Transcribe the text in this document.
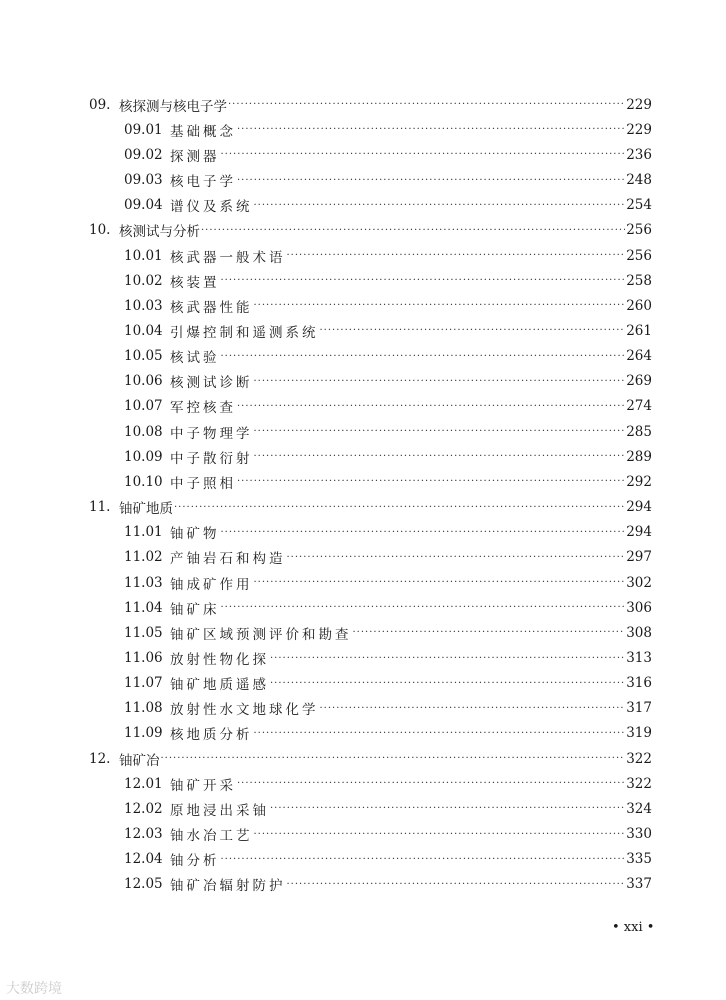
09. 核探测与核电子学 ·····	229
09.01 基础概念 ·····	229
09.02 探测器 ·····	236
09.03 核电子学 ·····	248
09.04 谱仪及系统 ·····	254
10. 核测试与分析 ·····	256
10.01 核武器一般术语 ·····	256
10.02 核装置 ·····	258
10.03 核武器性能 ·····	260
10.04 引爆控制和遥测系统 ·····	261
10.05 核试验 ·····	264
10.06 核测试诊断 ·····	269
10.07 军控核查 ·····	274
10.08 中子物理学 ·····	285
10.09 中子散衍射 ·····	289
10.10 中子照相 ·····	292
11. 铀矿地质 ·····	294
11.01 铀矿物 ·····	294
11.02 产铀岩石和构造 ·····	297
11.03 铀成矿作用 ·····	302
11.04 铀矿床 ·····	306
11.05 铀矿区域预测评价和勘查 ·····	308
11.06 放射性物化探 ·····	313
11.07 铀矿地质遥感 ·····	316
11.08 放射性水文地球化学 ·····	317
11.09 核地质分析 ·····	319
12. 铀矿冶 ·····	322
12.01 铀矿开采 ·····	322
12.02 原地浸出采铀 ·····	324
12.03 铀水冶工艺 ·····	330
12.04 铀分析 ·····	335
12.05 铀矿冶辐射防护 ·····	337
• xxi •
大数跨境
